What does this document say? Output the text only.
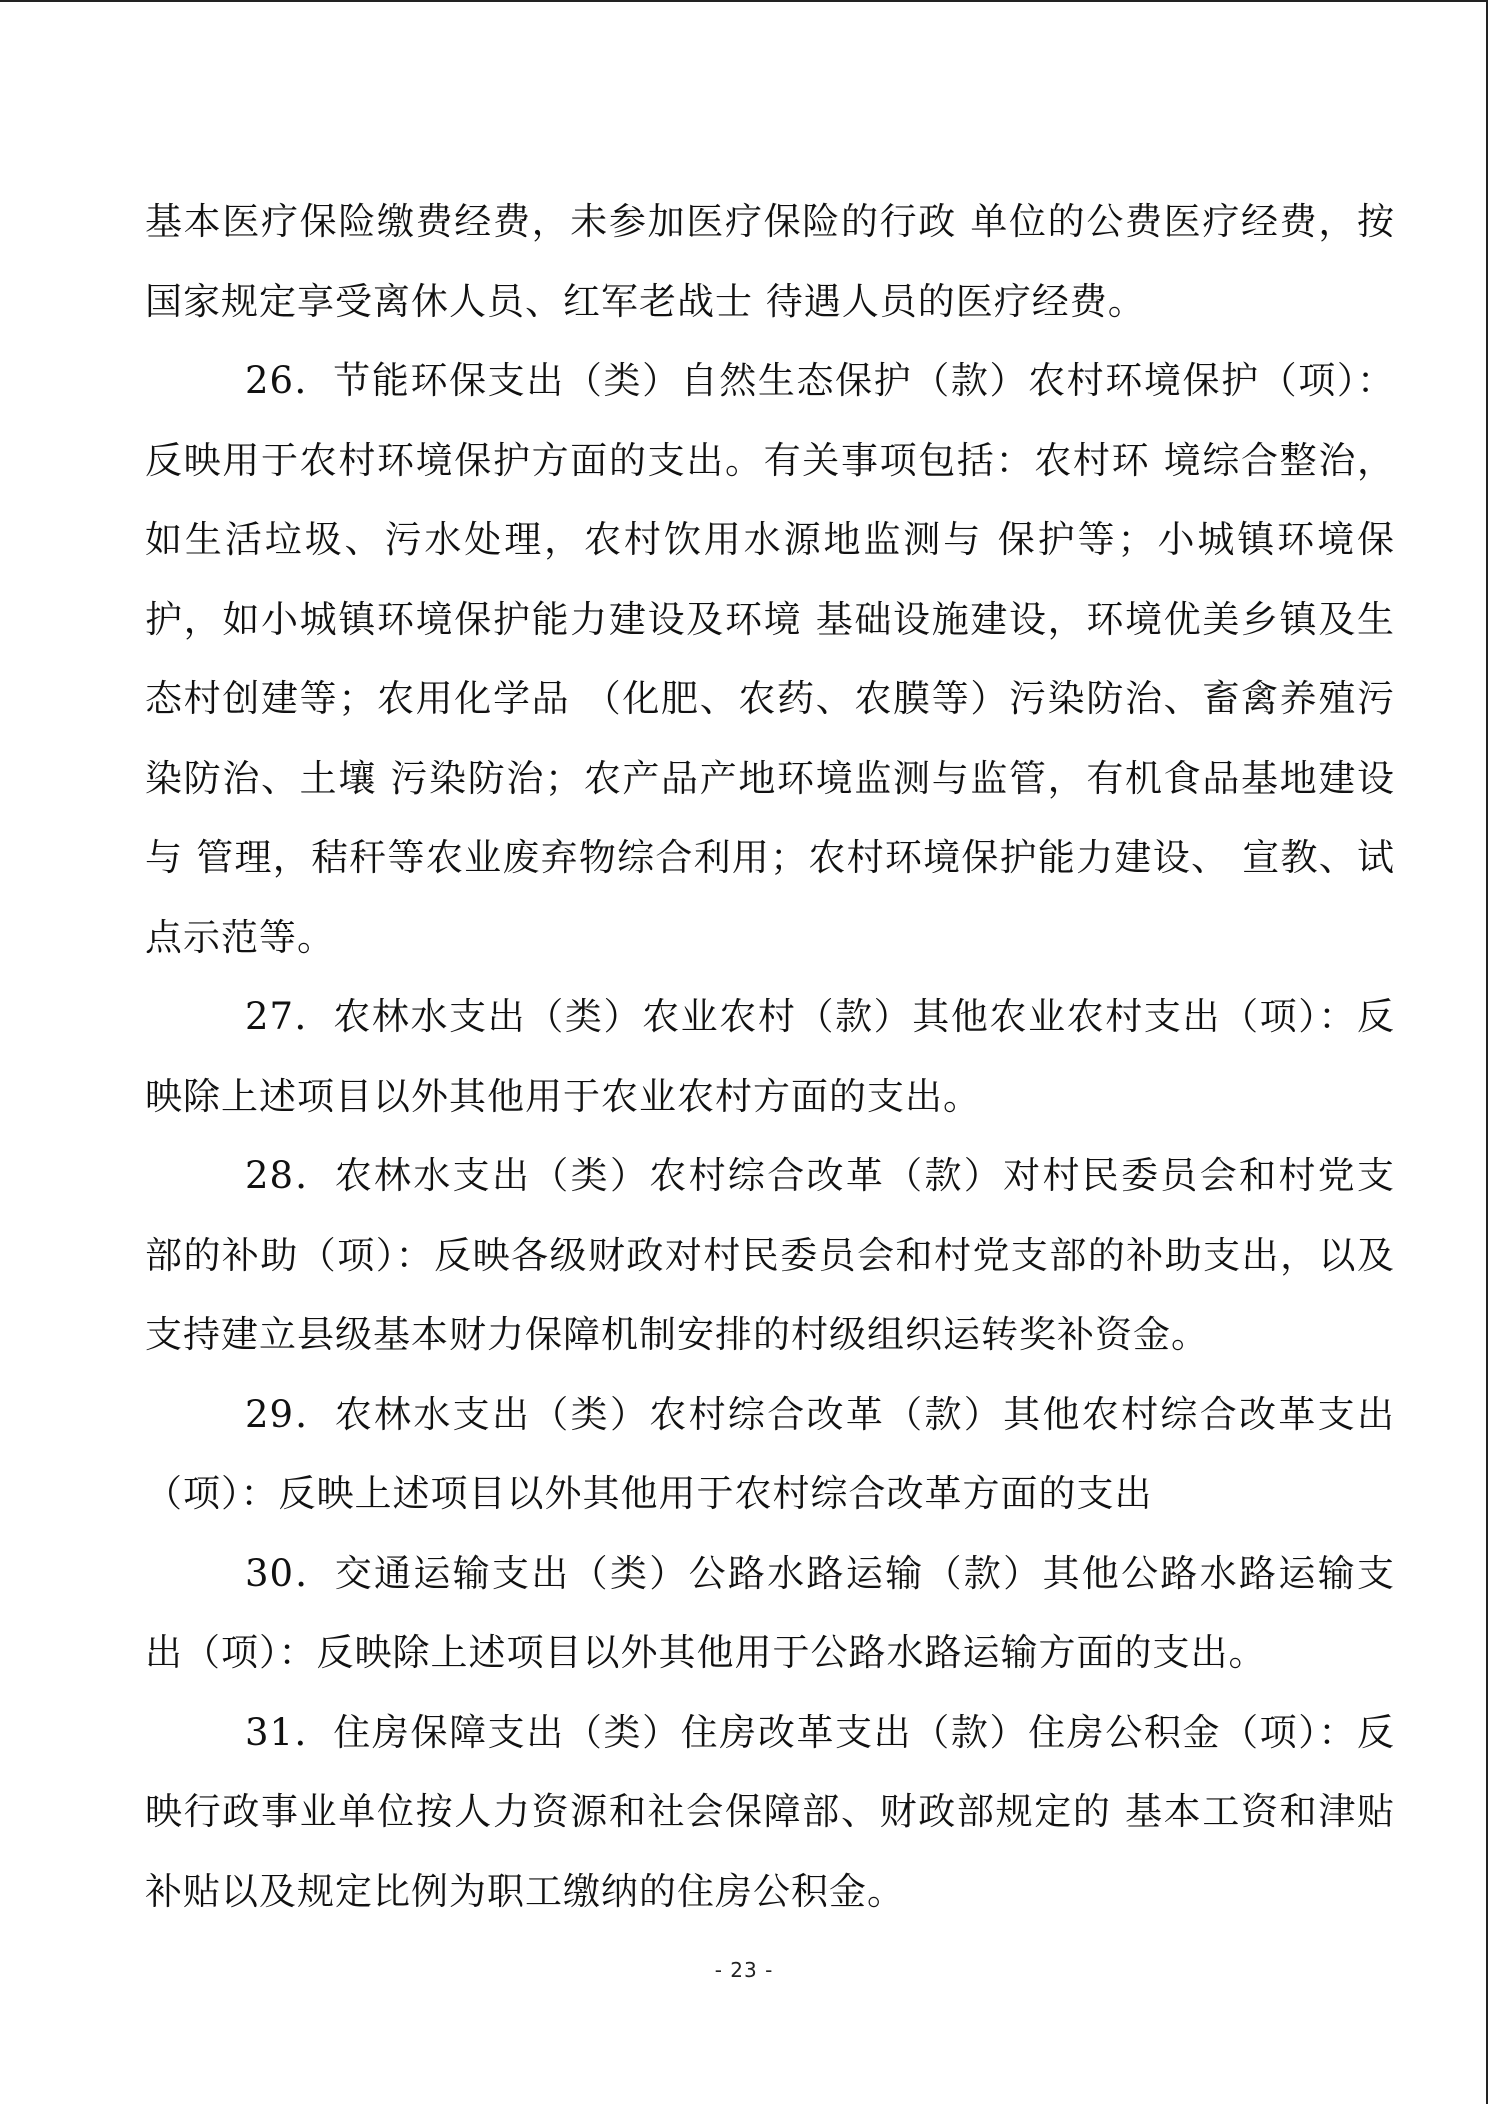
基本医疗保险缴费经费，未参加医疗保险的行政 单位的公费医疗经费，按国家规定享受离休人员、红军老战士 待遇人员的医疗经费。

26．节能环保支出（类）自然生态保护（款）农村环境保护（项）：反映用于农村环境保护方面的支出。有关事项包括：农村环 境综合整治，如生活垃圾、污水处理，农村饮用水源地监测与 保护等；小城镇环境保护，如小城镇环境保护能力建设及环境 基础设施建设，环境优美乡镇及生态村创建等；农用化学品 （化肥、农药、农膜等）污染防治、畜禽养殖污染防治、土壤 污染防治；农产品产地环境监测与监管，有机食品基地建设与 管理，秸秆等农业废弃物综合利用；农村环境保护能力建设、 宣教、试点示范等。

27．农林水支出（类）农业农村（款）其他农业农村支出（项）：反映除上述项目以外其他用于农业农村方面的支出。

28．农林水支出（类）农村综合改革（款）对村民委员会和村党支部的补助（项）：反映各级财政对村民委员会和村党支部的补助支出，以及支持建立县级基本财力保障机制安排的村级组织运转奖补资金。

29．农林水支出（类）农村综合改革（款）其他农村综合改革支出（项）：反映上述项目以外其他用于农村综合改革方面的支出

30．交通运输支出（类）公路水路运输（款）其他公路水路运输支出（项）：反映除上述项目以外其他用于公路水路运输方面的支出。

31．住房保障支出（类）住房改革支出（款）住房公积金（项）：反映行政事业单位按人力资源和社会保障部、财政部规定的 基本工资和津贴补贴以及规定比例为职工缴纳的住房公积金。

- 23 -
